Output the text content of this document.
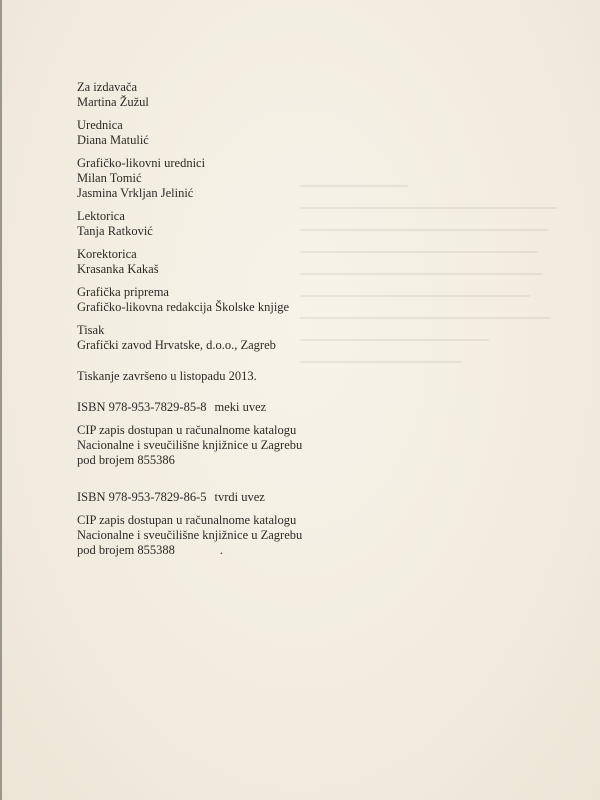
Za izdavača
Martina Žužul
Urednica
Diana Matulić
Grafičko-likovni urednici
Milan Tomić
Jasmina Vrkljan Jelinić
Lektorica
Tanja Ratković
Korektorica
Krasanka Kakaš
Grafička priprema
Grafičko-likovna redakcija Školske knjige
Tisak
Grafički zavod Hrvatske, d.o.o., Zagreb
Tiskanje završeno u listopadu 2013.
ISBN 978-953-7829-85-8 meki uvez
CIP zapis dostupan u računalnome katalogu
Nacionalne i sveučilišne knjižnice u Zagrebu
pod brojem 855386
ISBN 978-953-7829-86-5 tvrdi uvez
CIP zapis dostupan u računalnome katalogu
Nacionalne i sveučilišne knjižnice u Zagrebu
pod brojem 855388	.
